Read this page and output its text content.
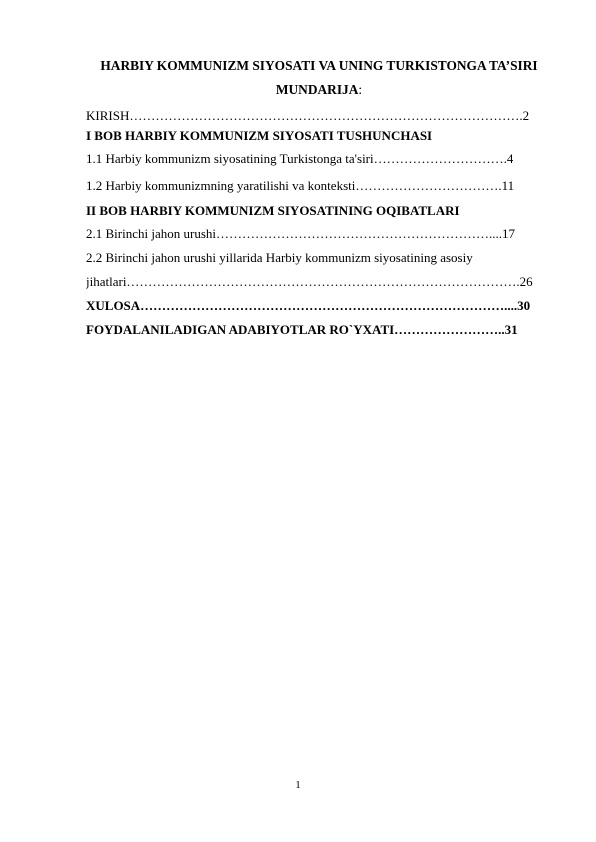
HARBIY KOMMUNIZM SIYOSATI VA UNING TURKISTONGA TA’SIRI
MUNDARIJA:
KIRISH……………………………………………………………………………….2
I BOB HARBIY KOMMUNIZM SIYOSATI TUSHUNCHASI
1.1 Harbiy kommunizm siyosatining Turkistonga ta'siri………………………….4
1.2 Harbiy kommunizmning yaratilishi va konteksti…………………………….11
II BOB HARBIY KOMMUNIZM SIYOSATINING OQIBATLARI
2.1 Birinchi jahon urushi………………………………………………………....17
2.2 Birinchi jahon urushi yillarida Harbiy kommunizm siyosatining asosiy
jihatlari……………………………………………………………………………….26
XULOSA…………………………………………………………………………....30
FOYDALANILADIGAN ADABIYOTLAR RO`YXATI……………………..31
1
